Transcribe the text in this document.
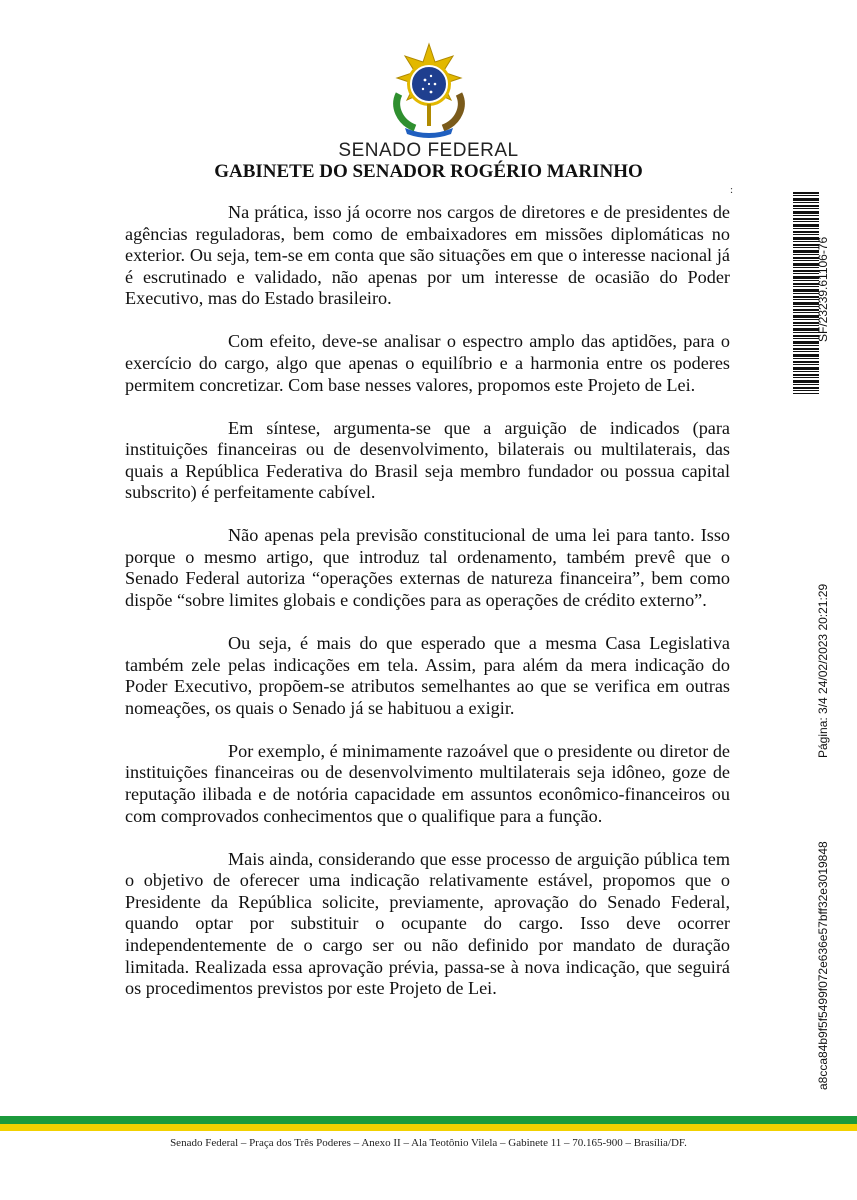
SENADO FEDERAL
GABINETE DO SENADOR ROGÉRIO MARINHO
:

Na prática, isso já ocorre nos cargos de diretores e de presidentes de agências reguladoras, bem como de embaixadores em missões diplomáticas no exterior. Ou seja, tem-se em conta que são situações em que o interesse nacional já é escrutinado e validado, não apenas por um interesse de ocasião do Poder Executivo, mas do Estado brasileiro.

Com efeito, deve-se analisar o espectro amplo das aptidões, para o exercício do cargo, algo que apenas o equilíbrio e a harmonia entre os poderes permitem concretizar. Com base nesses valores, propomos este Projeto de Lei.

Em síntese, argumenta-se que a arguição de indicados (para instituições financeiras ou de desenvolvimento, bilaterais ou multilaterais, das quais a República Federativa do Brasil seja membro fundador ou possua capital subscrito) é perfeitamente cabível.

Não apenas pela previsão constitucional de uma lei para tanto. Isso porque o mesmo artigo, que introduz tal ordenamento, também prevê que o Senado Federal autoriza “operações externas de natureza financeira”, bem como dispõe “sobre limites globais e condições para as operações de crédito externo”.

Ou seja, é mais do que esperado que a mesma Casa Legislativa também zele pelas indicações em tela. Assim, para além da mera indicação do Poder Executivo, propõem-se atributos semelhantes ao que se verifica em outras nomeações, os quais o Senado já se habituou a exigir.

Por exemplo, é minimamente razoável que o presidente ou diretor de instituições financeiras ou de desenvolvimento multilaterais seja idôneo, goze de reputação ilibada e de notória capacidade em assuntos econômico-financeiros ou com comprovados conhecimentos que o qualifique para a função.

Mais ainda, considerando que esse processo de arguição pública tem o objetivo de oferecer uma indicação relativamente estável, propomos que o Presidente da República solicite, previamente, aprovação do Senado Federal, quando optar por substituir o ocupante do cargo. Isso deve ocorrer independentemente de o cargo ser ou não definido por mandato de duração limitada. Realizada essa aprovação prévia, passa-se à nova indicação, que seguirá os procedimentos previstos por este Projeto de Lei.

SF/23239.61106-76
Página: 3/4 24/02/2023 20:21:29
a8cca84b9f5f5499f072e636e57bff32e3019848
Senado Federal – Praça dos Três Poderes – Anexo II – Ala Teotônio Vilela – Gabinete 11 – 70.165-900 – Brasília/DF.
